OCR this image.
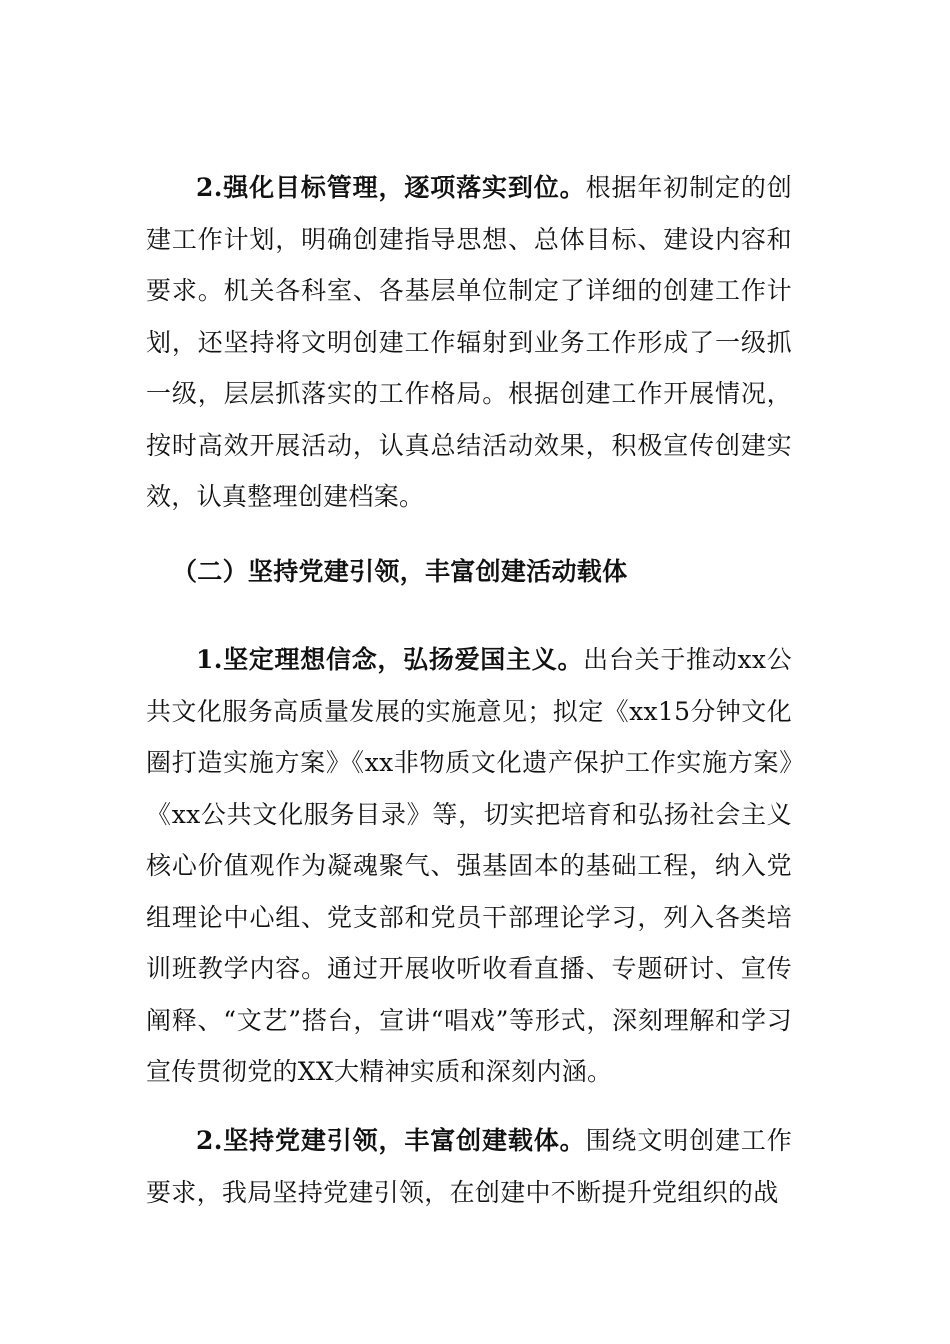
2.强化目标管理，逐项落实到位。根据年初制定的创建工作计划，明确创建指导思想、总体目标、建设内容和要求。机关各科室、各基层单位制定了详细的创建工作计划，还坚持将文明创建工作辐射到业务工作形成了一级抓一级，层层抓落实的工作格局。根据创建工作开展情况，按时高效开展活动，认真总结活动效果，积极宣传创建实效，认真整理创建档案。

（二）坚持党建引领，丰富创建活动载体

1.坚定理想信念，弘扬爱国主义。出台关于推动xx公共文化服务高质量发展的实施意见；拟定《xx15分钟文化圈打造实施方案》《xx非物质文化遗产保护工作实施方案》《xx公共文化服务目录》等，切实把培育和弘扬社会主义核心价值观作为凝魂聚气、强基固本的基础工程，纳入党组理论中心组、党支部和党员干部理论学习，列入各类培训班教学内容。通过开展收听收看直播、专题研讨、宣传阐释、“文艺”搭台，宣讲“唱戏”等形式，深刻理解和学习宣传贯彻党的XX大精神实质和深刻内涵。

2.坚持党建引领，丰富创建载体。围绕文明创建工作要求，我局坚持党建引领，在创建中不断提升党组织的战
